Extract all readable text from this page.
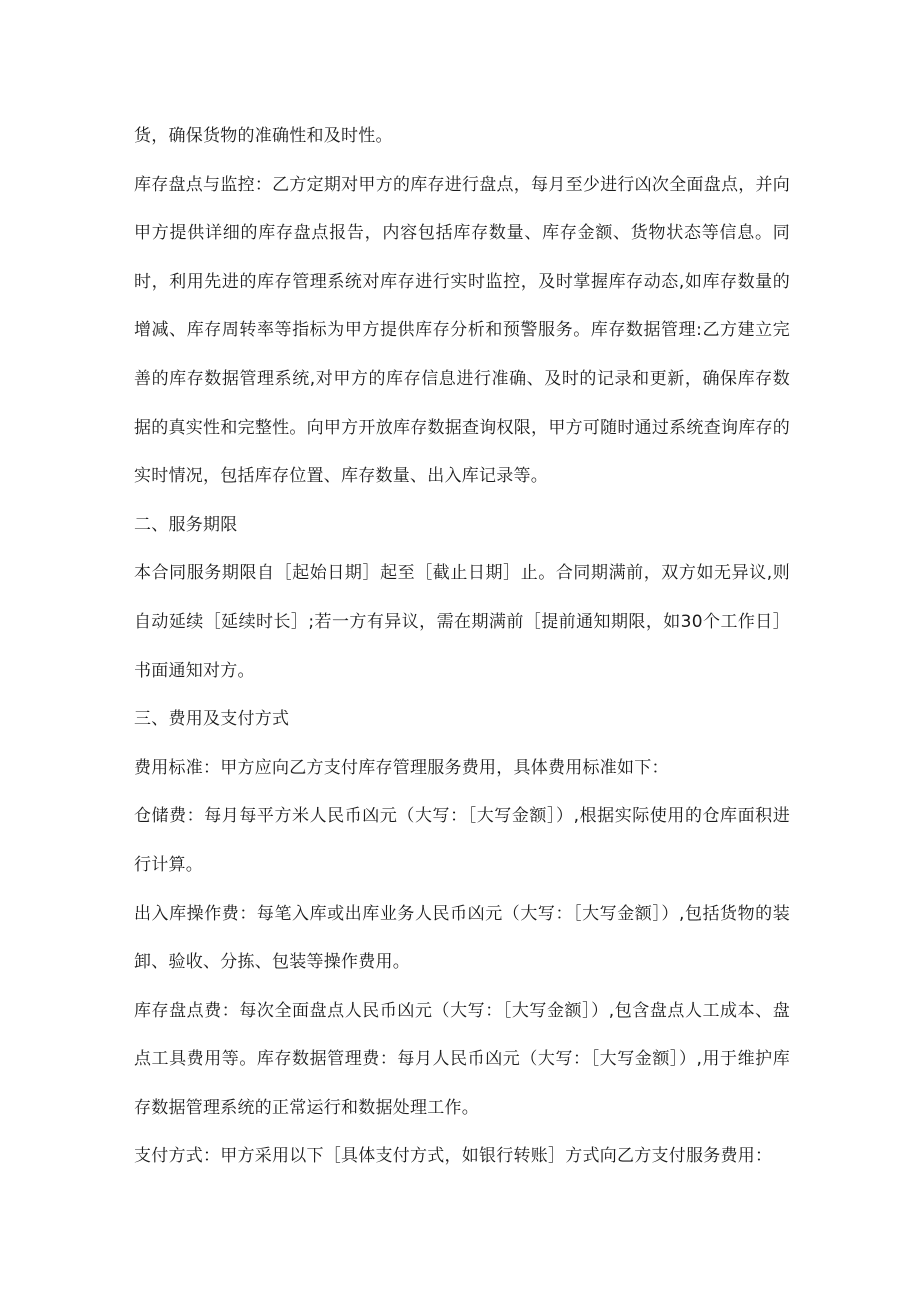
货，确保货物的准确性和及时性。

库存盘点与监控：乙方定期对甲方的库存进行盘点，每月至少进行凶次全面盘点，并向甲方提供详细的库存盘点报告，内容包括库存数量、库存金额、货物状态等信息。同时，利用先进的库存管理系统对库存进行实时监控，及时掌握库存动态,如库存数量的增减、库存周转率等指标为甲方提供库存分析和预警服务。库存数据管理:乙方建立完善的库存数据管理系统,对甲方的库存信息进行准确、及时的记录和更新，确保库存数据的真实性和完整性。向甲方开放库存数据查询权限，甲方可随时通过系统查询库存的实时情况，包括库存位置、库存数量、出入库记录等。

二、服务期限

本合同服务期限自［起始日期］起至［截止日期］止。合同期满前，双方如无异议,则自动延续［延续时长］;若一方有异议，需在期满前［提前通知期限，如30个工作日］书面通知对方。

三、费用及支付方式

费用标准：甲方应向乙方支付库存管理服务费用，具体费用标准如下：

仓储费：每月每平方米人民币凶元（大写：［大写金额］）,根据实际使用的仓库面积进行计算。

出入库操作费：每笔入库或出库业务人民币凶元（大写：［大写金额］）,包括货物的装卸、验收、分拣、包装等操作费用。

库存盘点费：每次全面盘点人民币凶元（大写：［大写金额］）,包含盘点人工成本、盘点工具费用等。库存数据管理费：每月人民币凶元（大写：［大写金额］）,用于维护库存数据管理系统的正常运行和数据处理工作。

支付方式：甲方采用以下［具体支付方式，如银行转账］方式向乙方支付服务费用：
